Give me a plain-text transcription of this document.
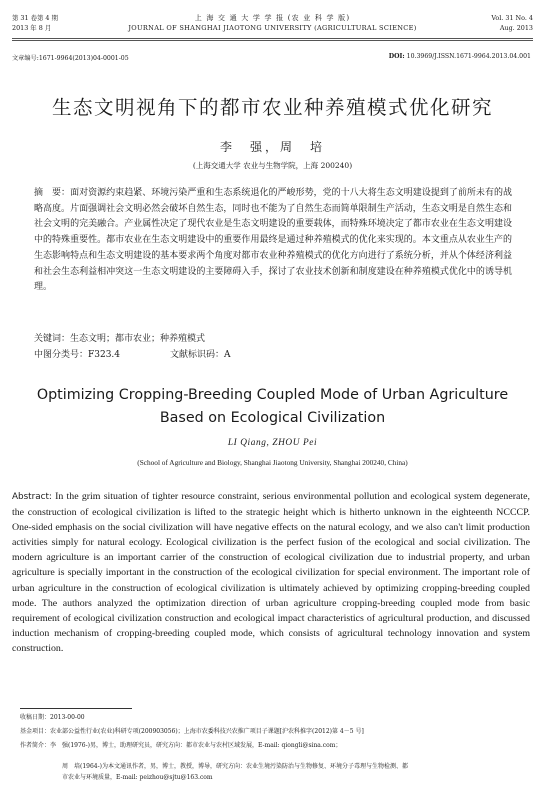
第 31 卷第 4 期
2013 年 8 月
上 海 交 通 大 学 学 报 (农 业 科 学 版)
JOURNAL OF SHANGHAI JIAOTONG UNIVERSITY (AGRICULTURAL SCIENCE)
Vol. 31 No. 4
Aug. 2013
文章编号:1671-9964(2013)04-0001-05	DOI: 10.3969/J.ISSN.1671-9964.2013.04.001
生态文明视角下的都市农业种养殖模式优化研究
李　强，周　培
(上海交通大学 农业与生物学院，上海 200240)

摘　要：面对资源约束趋紧、环境污染严重和生态系统退化的严峻形势，党的十八大将生态文明建设提到了前所未有的战略高度。片面强调社会文明必然会破坏自然生态，同时也不能为了自然生态而简单限制生产活动，生态文明是自然生态和社会文明的完美融合。产业属性决定了现代农业是生态文明建设的重要载体，而特殊环境决定了都市农业在生态文明建设中的特殊重要性。都市农业在生态文明建设中的重要作用最终是通过种养殖模式的优化来实现的。本文重点从农业生产的生态影响特点和生态文明建设的基本要求两个角度对都市农业种养殖模式的优化方向进行了系统分析，并从个体经济利益和社会生态利益相冲突这一生态文明建设的主要障碍入手，探讨了农业技术创新和制度建设在种养殖模式优化中的诱导机理。

关键词：生态文明；都市农业；种养殖模式
中图分类号：F323.4	文献标识码：A
Optimizing Cropping-Breeding Coupled Mode of Urban Agriculture
Based on Ecological Civilization
LI Qiang, ZHOU Pei
(School of Agriculture and Biology, Shanghai Jiaotong University, Shanghai 200240, China)
Abstract: In the grim situation of tighter resource constraint, serious environmental pollution and ecological system degenerate, the construction of ecological civilization is lifted to the strategic height which is hitherto unknown in the eighteenth NCCCP. One-sided emphasis on the social civilization will have negative effects on the natural ecology, and we also can't limit production activities simply for natural ecology. Ecological civilization is the perfect fusion of the ecological and social civilization. The modern agriculture is an important carrier of the construction of ecological civilization due to industrial property, and urban agriculture is specially important in the construction of the ecological civilization for special environment. The important role of urban agriculture in the construction of ecological civilization is ultimately achieved by optimizing cropping-breeding coupled mode. The authors analyzed the optimization direction of urban agriculture cropping-breeding coupled mode from basic requirement of ecological civilization construction and ecological impact characteristics of agricultural production, and discussed induction mechanism of cropping-breeding coupled mode, which consists of agricultural technology innovation and system construction.
收稿日期：2013-00-00
基金项目：农业部公益性行业(农业)科研专项(200903056)；上海市农委科技兴农推广项目子课题[沪农科推字(2012)第 4－5 号]
作者简介：李　强(1976-)男，博士，助理研究员，研究方向：都市农业与农村区域发展，E-mail: qiongli@sina.com；
周　培(1964-)为本文通讯作者，男，博士，教授，博导，研究方向：农业生境污染防治与生物修复、环境分子毒理与生物检测、都
市农业与环境质量，E-mail: peizhou@sjtu@163.com
